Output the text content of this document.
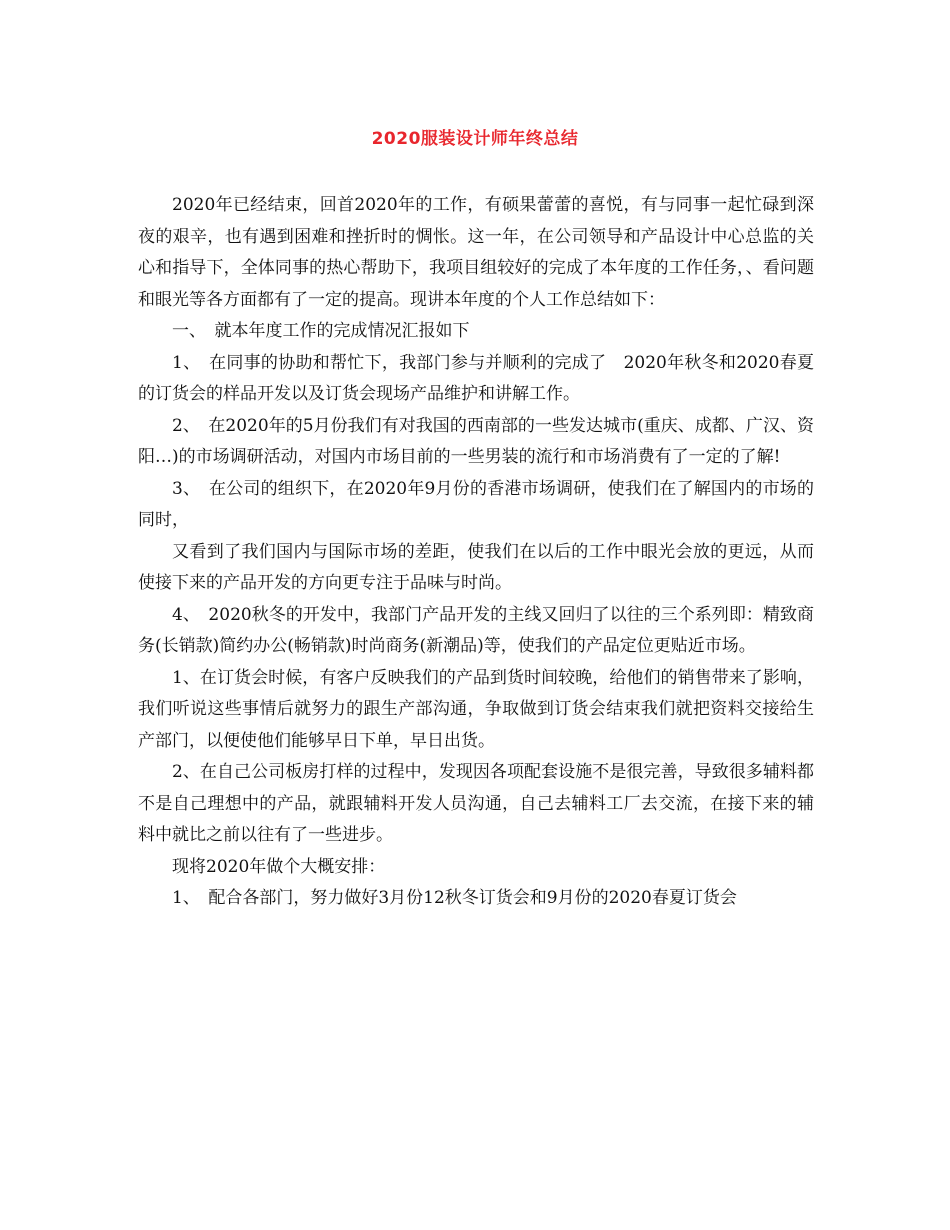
2020服装设计师年终总结

2020年已经结束，回首2020年的工作，有硕果蕾蕾的喜悦，有与同事一起忙碌到深夜的艰辛，也有遇到困难和挫折时的惆怅。这一年，在公司领导和产品设计中心总监的关心和指导下，全体同事的热心帮助下，我项目组较好的完成了本年度的工作任务，、看问题和眼光等各方面都有了一定的提高。现讲本年度的个人工作总结如下：

一、　就本年度工作的完成情况汇报如下

1、　在同事的协助和帮忙下，我部门参与并顺利的完成了　2020年秋冬和2020春夏的订货会的样品开发以及订货会现场产品维护和讲解工作。

2、　在2020年的5月份我们有对我国的西南部的一些发达城市(重庆、成都、广汉、资阳…)的市场调研活动，对国内市场目前的一些男装的流行和市场消费有了一定的了解!

3、　在公司的组织下，在2020年9月份的香港市场调研，使我们在了解国内的市场的同时，

又看到了我们国内与国际市场的差距，使我们在以后的工作中眼光会放的更远，从而使接下来的产品开发的方向更专注于品味与时尚。

4、　2020秋冬的开发中，我部门产品开发的主线又回归了以往的三个系列即：精致商务(长销款)简约办公(畅销款)时尚商务(新潮品)等，使我们的产品定位更贴近市场。

1、在订货会时候，有客户反映我们的产品到货时间较晚，给他们的销售带来了影响，我们听说这些事情后就努力的跟生产部沟通，争取做到订货会结束我们就把资料交接给生产部门，以便使他们能够早日下单，早日出货。

2、在自己公司板房打样的过程中，发现因各项配套设施不是很完善，导致很多辅料都不是自己理想中的产品，就跟辅料开发人员沟通，自己去辅料工厂去交流，在接下来的辅料中就比之前以往有了一些进步。

现将2020年做个大概安排：

1、　配合各部门，努力做好3月份12秋冬订货会和9月份的2020春夏订货会
